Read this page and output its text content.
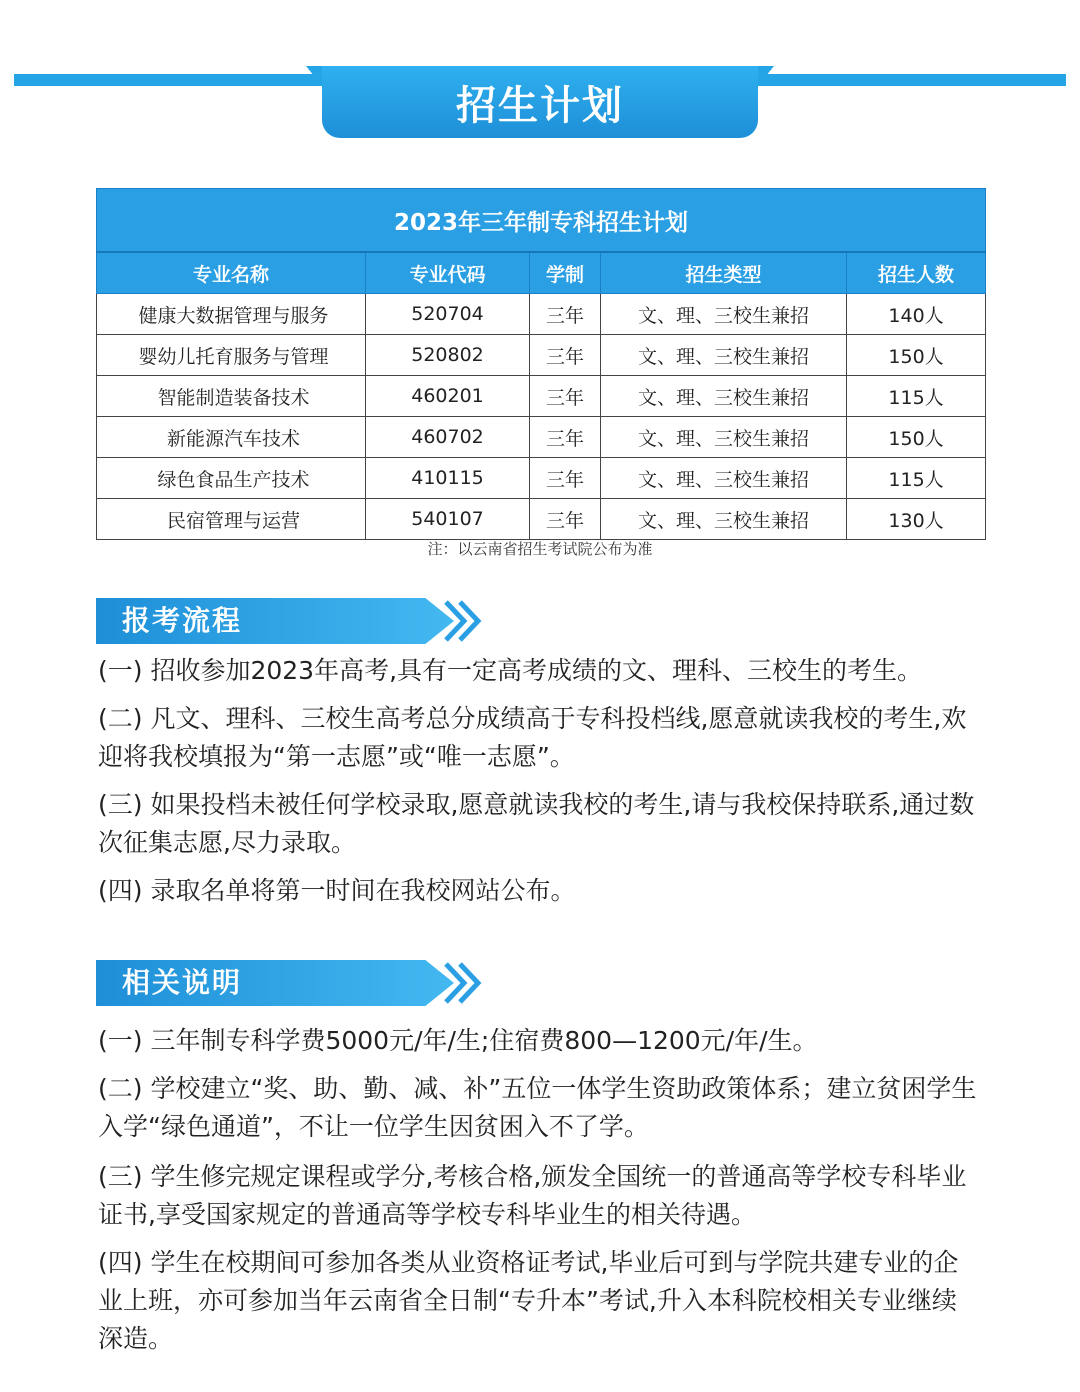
招生计划
2023年三年制专科招生计划				
专业名称	专业代码	学制	招生类型	招生人数
健康大数据管理与服务	520704	三年	文、理、三校生兼招	140人
婴幼儿托育服务与管理	520802	三年	文、理、三校生兼招	150人
智能制造装备技术	460201	三年	文、理、三校生兼招	115人
新能源汽车技术	460702	三年	文、理、三校生兼招	150人
绿色食品生产技术	410115	三年	文、理、三校生兼招	115人
民宿管理与运营	540107	三年	文、理、三校生兼招	130人
注：以云南省招生考试院公布为准
报考流程

(一) 招收参加2023年高考,具有一定高考成绩的文、理科、三校生的考生。

(二) 凡文、理科、三校生高考总分成绩高于专科投档线,愿意就读我校的考生,欢迎将我校填报为“第一志愿”或“唯一志愿”。

(三) 如果投档未被任何学校录取,愿意就读我校的考生,请与我校保持联系,通过数次征集志愿,尽力录取。

(四) 录取名单将第一时间在我校网站公布。

相关说明

(一) 三年制专科学费5000元/年/生;住宿费800—1200元/年/生。

(二) 学校建立“奖、助、勤、减、补”五位一体学生资助政策体系；建立贫困学生入学“绿色通道”，不让一位学生因贫困入不了学。

(三) 学生修完规定课程或学分,考核合格,颁发全国统一的普通高等学校专科毕业证书,享受国家规定的普通高等学校专科毕业生的相关待遇。

(四) 学生在校期间可参加各类从业资格证考试,毕业后可到与学院共建专业的企业上班，亦可参加当年云南省全日制“专升本”考试,升入本科院校相关专业继续深造。
